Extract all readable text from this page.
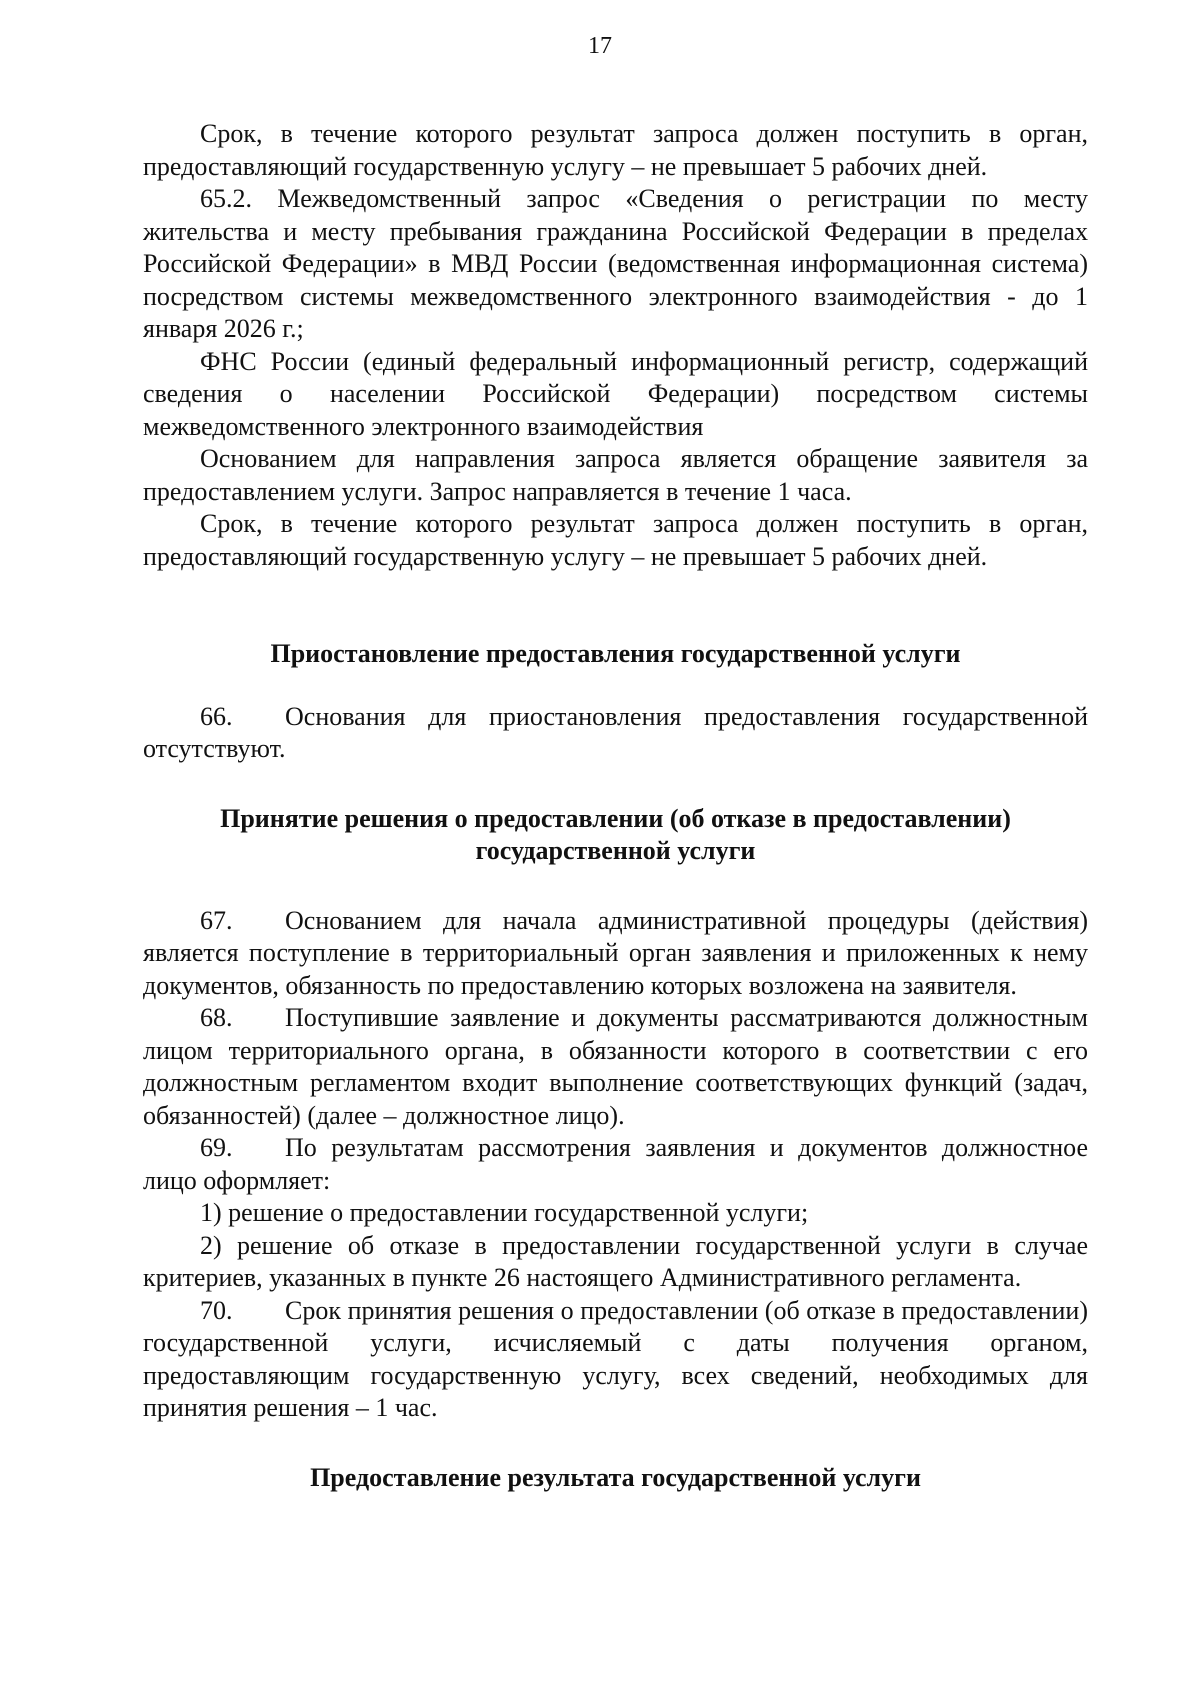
17

Срок, в течение которого результат запроса должен поступить в орган, предоставляющий государственную услугу – не превышает 5 рабочих дней.

65.2. Межведомственный запрос «Сведения о регистрации по месту жительства и месту пребывания гражданина Российской Федерации в пределах Российской Федерации» в МВД России (ведомственная информационная система) посредством системы межведомственного электронного взаимодействия - до 1 января 2026 г.;

ФНС России (единый федеральный информационный регистр, содержащий сведения о населении Российской Федерации) посредством системы межведомственного электронного взаимодействия

Основанием для направления запроса является обращение заявителя за предоставлением услуги. Запрос направляется в течение 1 часа.

Срок, в течение которого результат запроса должен поступить в орган, предоставляющий государственную услугу – не превышает 5 рабочих дней.

Приостановление предоставления государственной услуги

66. Основания для приостановления предоставления государственной отсутствуют.

Принятие решения о предоставлении (об отказе в предоставлении)
государственной услуги

67. Основанием для начала административной процедуры (действия) является поступление в территориальный орган заявления и приложенных к нему документов, обязанность по предоставлению которых возложена на заявителя.

68. Поступившие заявление и документы рассматриваются должностным лицом территориального органа, в обязанности которого в соответствии с его должностным регламентом входит выполнение соответствующих функций (задач, обязанностей) (далее – должностное лицо).

69. По результатам рассмотрения заявления и документов должностное лицо оформляет:

1) решение о предоставлении государственной услуги;

2) решение об отказе в предоставлении государственной услуги в случае критериев, указанных в пункте 26 настоящего Административного регламента.

70. Срок принятия решения о предоставлении (об отказе в предоставлении) государственной услуги, исчисляемый с даты получения органом, предоставляющим государственную услугу, всех сведений, необходимых для принятия решения – 1 час.

Предоставление результата государственной услуги
